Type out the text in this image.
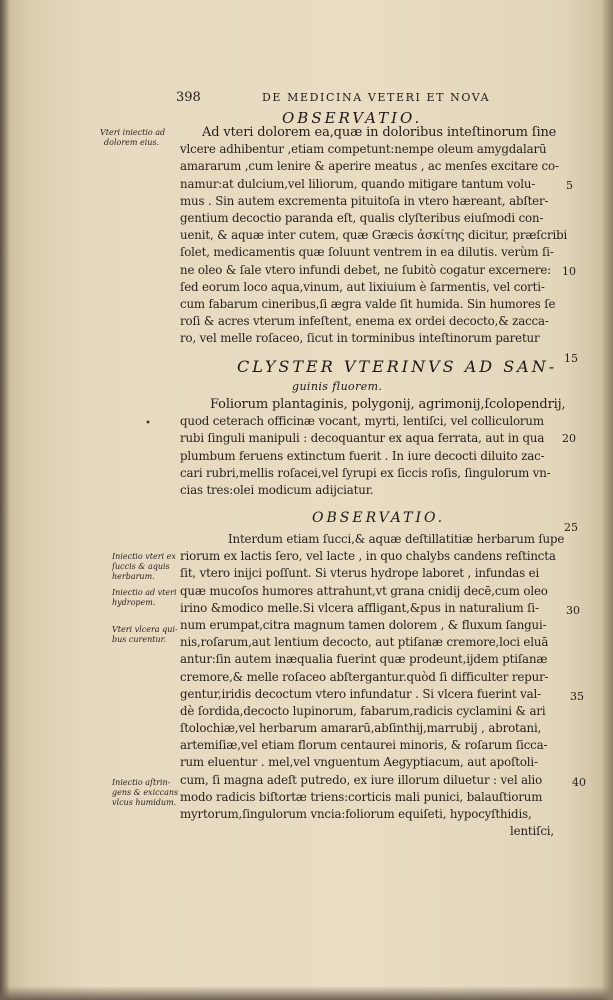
398	DE MEDICINA VETERI ET NOVA
OBSERVATIO.
Ad vteri dolorem ea,quæ in doloribus inteſtinorum ſine
vlcere adhibentur ,etiam competunt:nempe oleum amygdalarū
amararum ,cum lenire & aperire meatus , ac menſes excitare co-
namur:at dulcium,vel liliorum, quando mitigare tantum volu-
mus . Sin autem excrementa pituitoſa in vtero hæreant, abſter-
gentium decoctio paranda eſt, qualis clyſteribus eiuſmodi con-
uenit, & aquæ inter cutem, quæ Græcis ἀσκίτης dicitur, præſcribi
ſolet, medicamentis quæ ſoluunt ventrem in ea dilutis. verùm ſi-
ne oleo & ſale vtero infundi debet, ne ſubitò cogatur excernere:
ſed eorum loco aqua,vinum, aut lixiuium è ſarmentis, vel corti-
cum fabarum cineribus,ſi ægra valde ſit humida. Sin humores ſe
roſi & acres vterum infeſtent, enema ex ordei decocto,& zacca-
ro, vel melle roſaceo, ſicut in torminibus inteſtinorum paretur
CLYSTER VTERINVS AD SAN-
guinis fluorem.
•
Foliorum plantaginis, polygonij, agrimonij,ſcolopendrij,
quod ceterach officinæ vocant, myrti, lentiſci, vel colliculorum
rubi ſinguli manipuli : decoquantur ex aqua ferrata, aut in qua
plumbum feruens extinctum fuerit . In iure decocti diluito zac-
cari rubri,mellis roſacei,vel ſyrupi ex ſiccis roſis, ſingulorum vn-
cias tres:olei modicum adijciatur.
OBSERVATIO.
Interdum etiam ſucci,& aquæ deſtillatitiæ herbarum ſupe
riorum ex lactis ſero, vel lacte , in quo chalybs candens reſtincta
ſit, vtero inijci poſſunt. Si vterus hydrope laboret , infundas ei
quæ mucoſos humores attrahunt,vt grana cnidij decē,cum oleo
irino &modico melle.Si vlcera affligant,&pus in naturalium ſi-
num erumpat,citra magnum tamen dolorem , & fluxum ſangui-
nis,roſarum,aut lentium decocto, aut ptiſanæ cremore,loci eluā
antur:ſin autem inæqualia fuerint quæ prodeunt,ijdem ptiſanæ
cremore,& melle roſaceo abſtergantur.quòd ſi difficulter repur-
gentur,iridis decoctum vtero infundatur . Si vlcera fuerint val-
dè ſordida,decocto lupinorum, fabarum,radicis cyclamini & ari
ſtolochiæ,vel herbarum amararū,abſinthij,marrubij , abrotani,
artemiſiæ,vel etiam florum centaurei minoris, & roſarum ſicca-
rum eluentur . mel,vel vnguentum Aegyptiacum, aut apoſtoli-
cum, ſi magna adeſt putredo, ex iure illorum diluetur : vel alio
modo radicis biſtortæ triens:corticis mali punici, balauſtiorum
myrtorum,ſingulorum vncia:foliorum equiſeti, hypocyſthidis,
lentiſci,
Vteri iniectio ad
dolorem eius.
Iniectio vteri ex
ſuccis & aquis
herbarum.
Iniectio ad vteri
hydropem.
Vteri vlcera qui-
bus curentur.
Iniectio aſtrin-
gens & exiccans
vlcus humidum.
5
10
15
20
25
30
35
40
